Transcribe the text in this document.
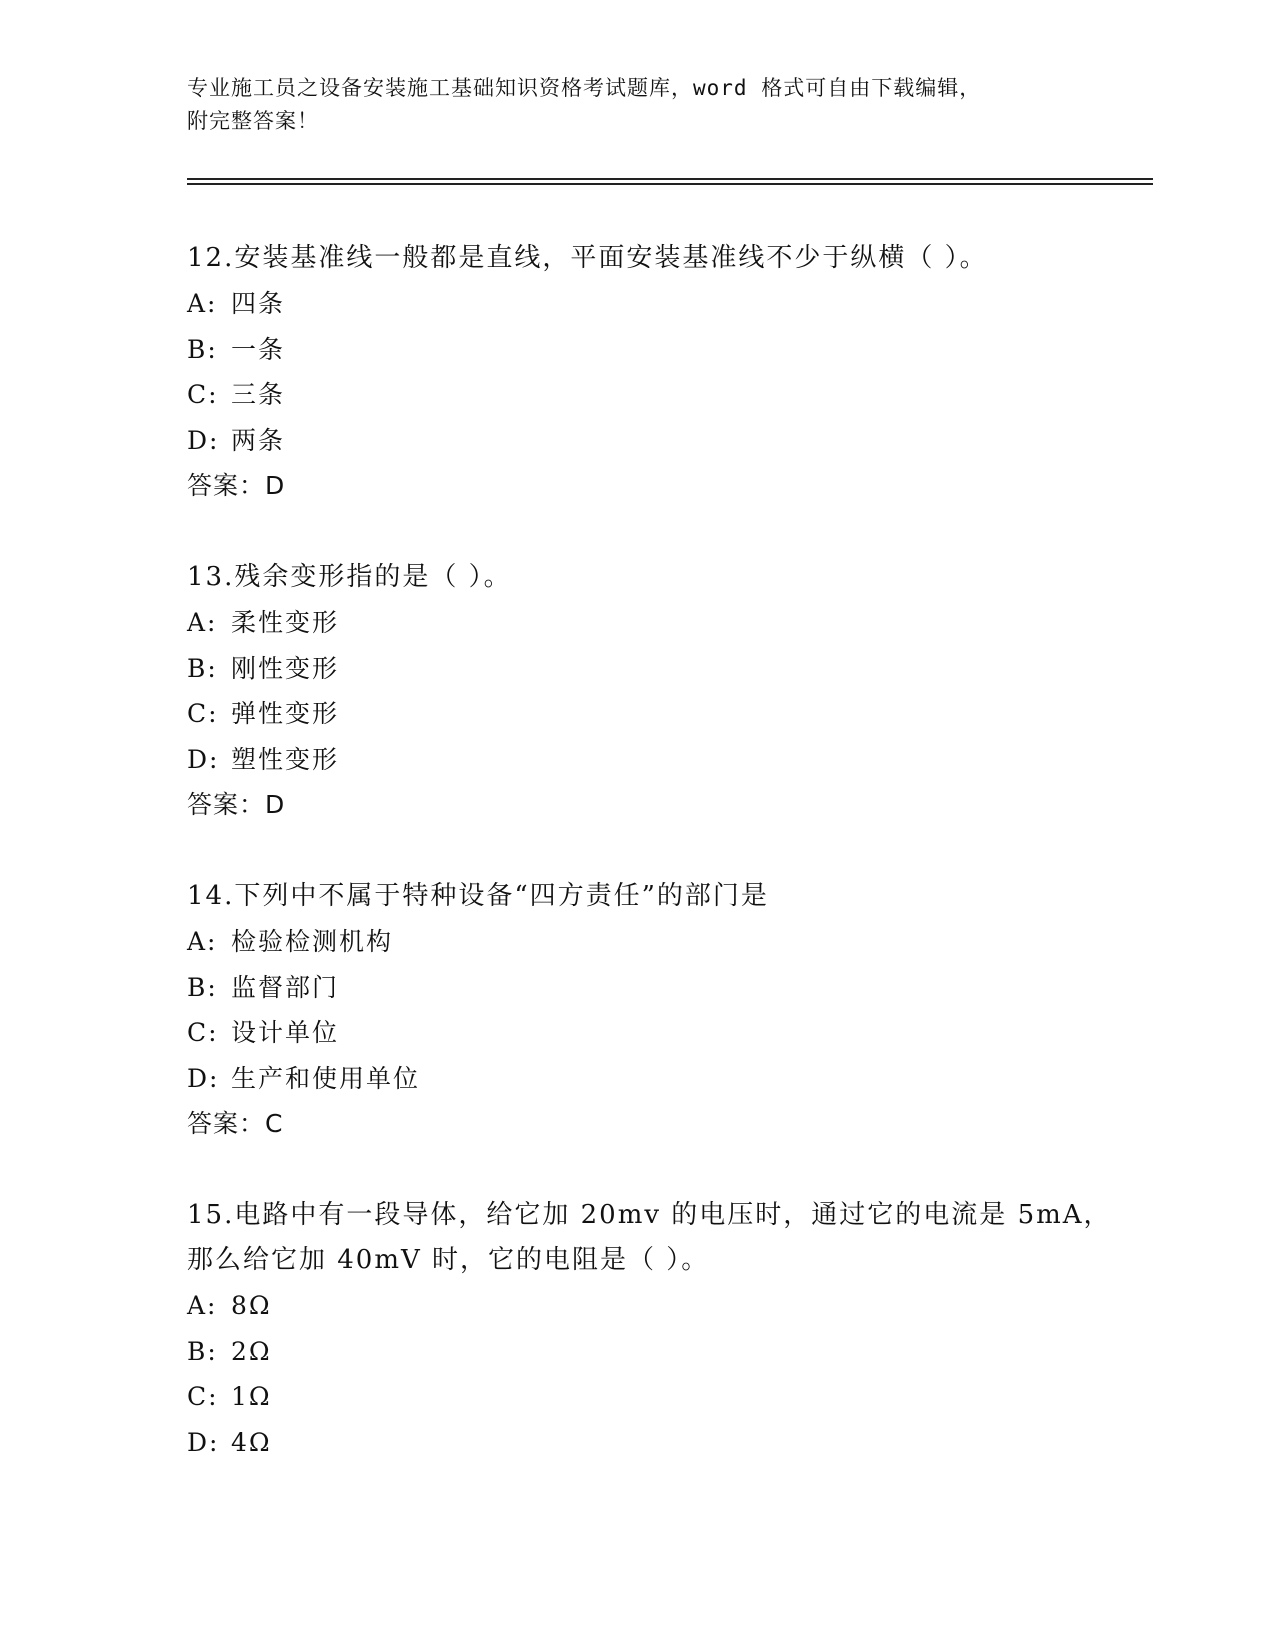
专业施工员之设备安装施工基础知识资格考试题库，word 格式可自由下载编辑，
附完整答案！

12.安装基准线一般都是直线，平面安装基准线不少于纵横（ ）。

A: 四条

B: 一条

C: 三条

D: 两条

答案：D

13.残余变形指的是（ ）。

A: 柔性变形

B: 刚性变形

C: 弹性变形

D: 塑性变形

答案：D

14.下列中不属于特种设备“四方责任”的部门是

A: 检验检测机构

B: 监督部门

C: 设计单位

D: 生产和使用单位

答案：C

15.电路中有一段导体，给它加 20mv 的电压时，通过它的电流是 5mA，

那么给它加 40mV 时，它的电阻是（ ）。

A: 8Ω

B: 2Ω

C: 1Ω

D: 4Ω
